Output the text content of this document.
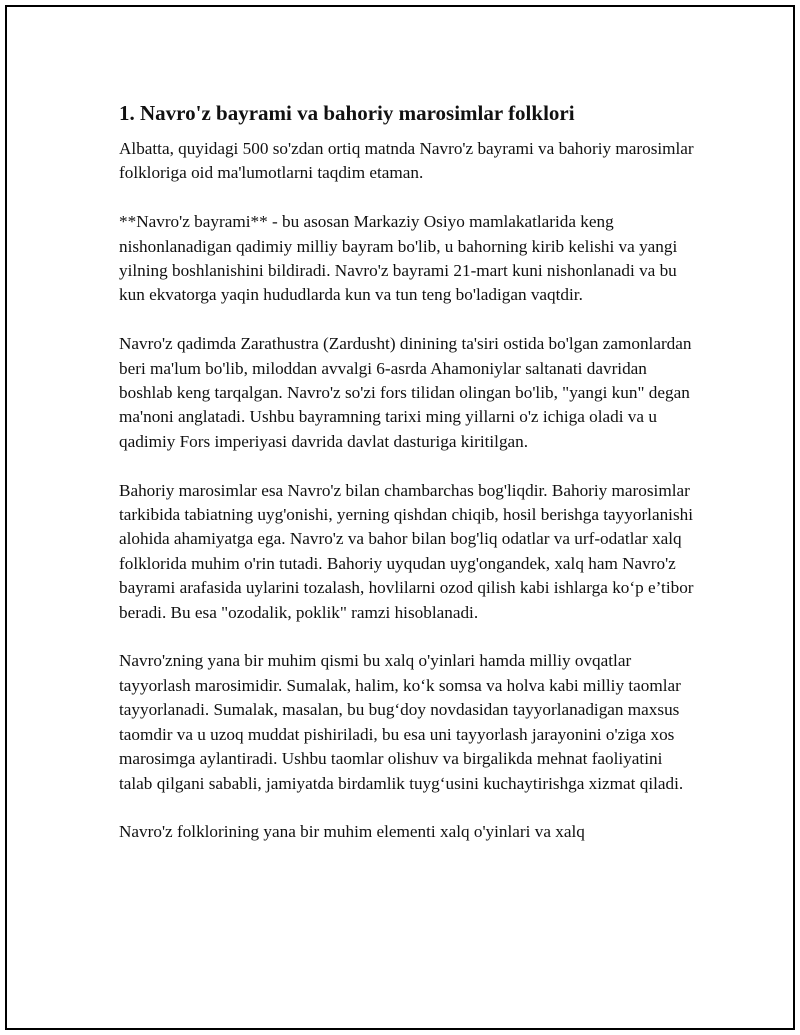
1. Navro'z bayrami va bahoriy marosimlar folklori

Albatta, quyidagi 500 so'zdan ortiq matnda Navro'z bayrami va bahoriy marosimlar folkloriga oid ma'lumotlarni taqdim etaman.

**Navro'z bayrami** - bu asosan Markaziy Osiyo mamlakatlarida keng nishonlanadigan qadimiy milliy bayram bo'lib, u bahorning kirib kelishi va yangi yilning boshlanishini bildiradi. Navro'z bayrami 21-mart kuni nishonlanadi va bu kun ekvatorga yaqin hududlarda kun va tun teng bo'ladigan vaqtdir.

Navro'z qadimda Zarathustra (Zardusht) dinining ta'siri ostida bo'lgan zamonlardan beri ma'lum bo'lib, miloddan avvalgi 6-asrda Ahamoniylar saltanati davridan boshlab keng tarqalgan. Navro'z so'zi fors tilidan olingan bo'lib, "yangi kun" degan ma'noni anglatadi. Ushbu bayramning tarixi ming yillarni o'z ichiga oladi va u qadimiy Fors imperiyasi davrida davlat dasturiga kiritilgan.

Bahoriy marosimlar esa Navro'z bilan chambarchas bog'liqdir. Bahoriy marosimlar tarkibida tabiatning uyg'onishi, yerning qishdan chiqib, hosil berishga tayyorlanishi alohida ahamiyatga ega. Navro'z va bahor bilan bog'liq odatlar va urf-odatlar xalq folklorida muhim o'rin tutadi. Bahoriy uyqudan uyg'ongandek, xalq ham Navro'z bayrami arafasida uylarini tozalash, hovlilarni ozod qilish kabi ishlarga ko‘p e’tibor beradi. Bu esa "ozodalik, poklik" ramzi hisoblanadi.

Navro'zning yana bir muhim qismi bu xalq o'yinlari hamda milliy ovqatlar tayyorlash marosimidir. Sumalak, halim, ko‘k somsa va holva kabi milliy taomlar tayyorlanadi. Sumalak, masalan, bu bug‘doy novdasidan tayyorlanadigan maxsus taomdir va u uzoq muddat pishiriladi, bu esa uni tayyorlash jarayonini o'ziga xos marosimga aylantiradi. Ushbu taomlar olishuv va birgalikda mehnat faoliyatini talab qilgani sababli, jamiyatda birdamlik tuyg‘usini kuchaytirishga xizmat qiladi.

Navro'z folklorining yana bir muhim elementi xalq o'yinlari va xalq
